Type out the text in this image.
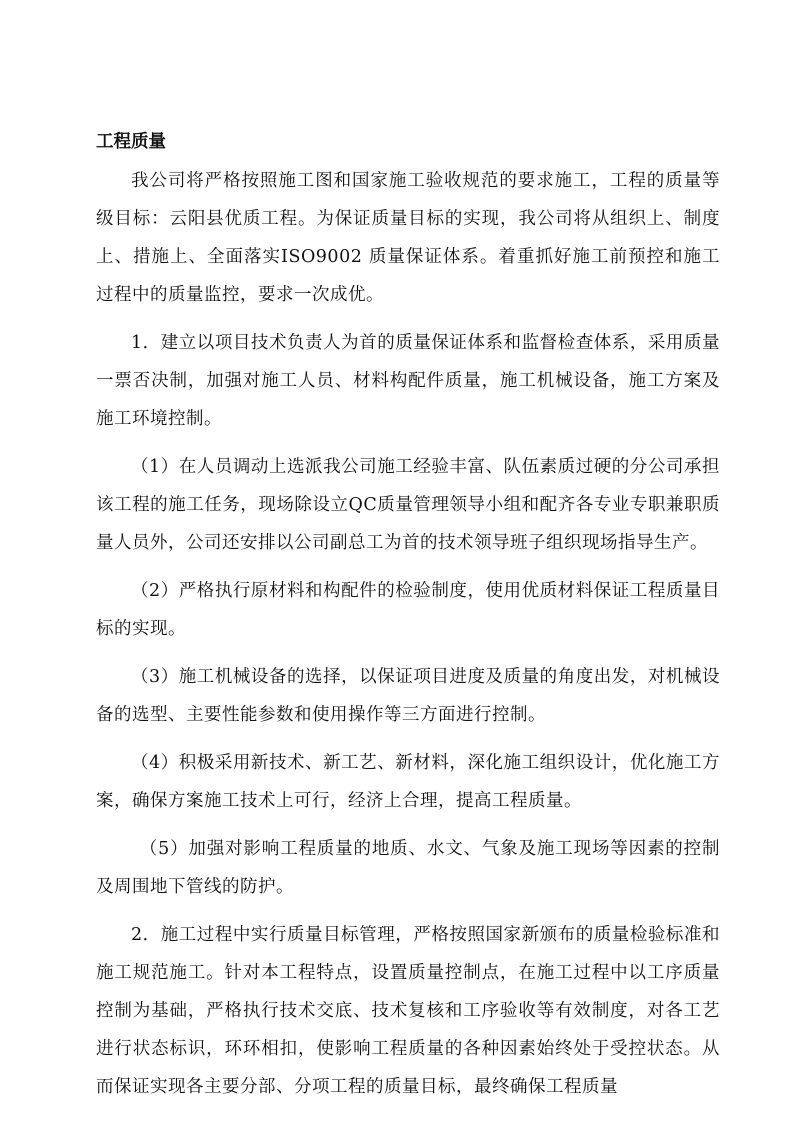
工程质量

我公司将严格按照施工图和国家施工验收规范的要求施工，工程的质量等级目标：云阳县优质工程。为保证质量目标的实现，我公司将从组织上、制度上、措施上、全面落实ISO9002 质量保证体系。着重抓好施工前预控和施工过程中的质量监控，要求一次成优。

1．建立以项目技术负责人为首的质量保证体系和监督检查体系，采用质量一票否决制，加强对施工人员、材料构配件质量，施工机械设备，施工方案及施工环境控制。

（1）在人员调动上选派我公司施工经验丰富、队伍素质过硬的分公司承担该工程的施工任务，现场除设立QC质量管理领导小组和配齐各专业专职兼职质量人员外，公司还安排以公司副总工为首的技术领导班子组织现场指导生产。

（2）严格执行原材料和构配件的检验制度，使用优质材料保证工程质量目标的实现。

（3）施工机械设备的选择，以保证项目进度及质量的角度出发，对机械设备的选型、主要性能参数和使用操作等三方面进行控制。

（4）积极采用新技术、新工艺、新材料，深化施工组织设计，优化施工方案，确保方案施工技术上可行，经济上合理，提高工程质量。

（5）加强对影响工程质量的地质、水文、气象及施工现场等因素的控制及周围地下管线的防护。

2．施工过程中实行质量目标管理，严格按照国家新颁布的质量检验标准和施工规范施工。针对本工程特点，设置质量控制点，在施工过程中以工序质量控制为基础，严格执行技术交底、技术复核和工序验收等有效制度，对各工艺进行状态标识，环环相扣，使影响工程质量的各种因素始终处于受控状态。从而保证实现各主要分部、分项工程的质量目标，最终确保工程质量
